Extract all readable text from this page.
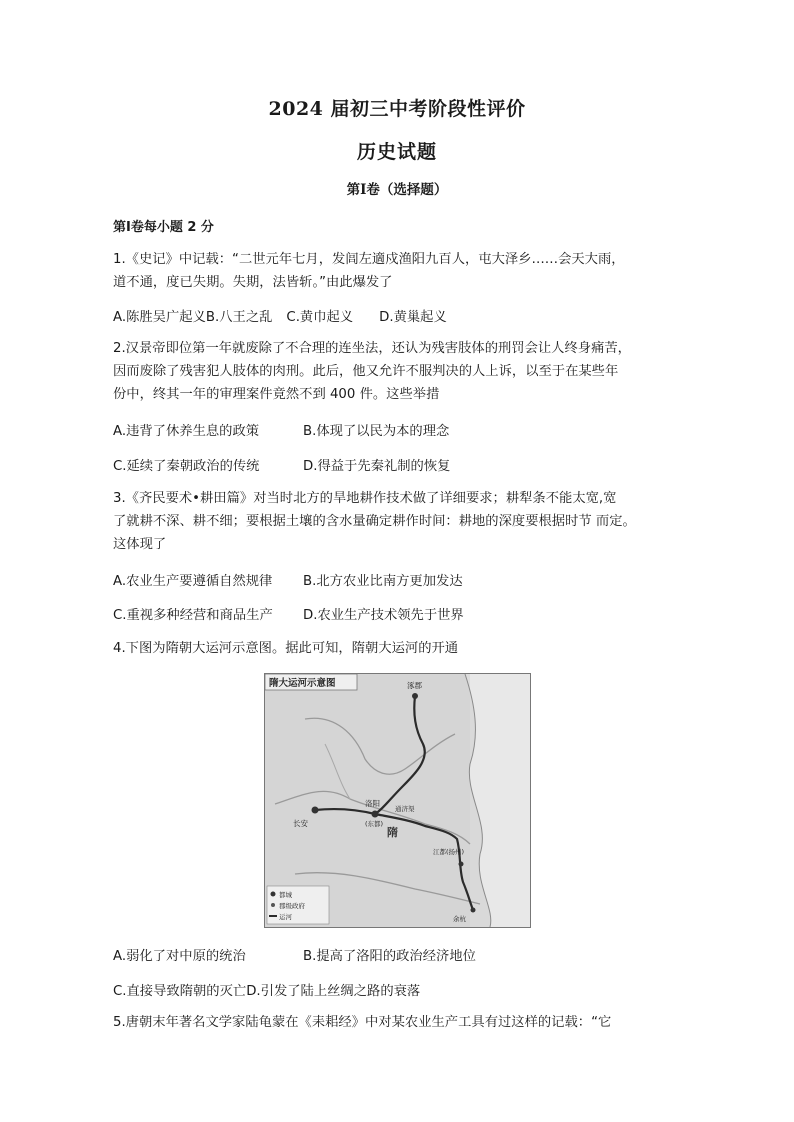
2024 届初三中考阶段性评价
历史试题
第Ⅰ卷（选择题）
第Ⅰ卷每小题 2 分
1.《史记》中记载：“二世元年七月，发闾左適戍渔阳九百人，屯大泽乡……会天大雨，
道不通，度已失期。失期，法皆斩。”由此爆发了
A.陈胜吴广起义B.八王之乱 C.黄巾起义 D.黄巢起义
2.汉景帝即位第一年就废除了不合理的连坐法，还认为残害肢体的刑罚会让人终身痛苦，
因而废除了残害犯人肢体的肉刑。此后，他又允许不服判决的人上诉，以至于在某些年
份中，终其一年的审理案件竟然不到 400 件。这些举措
A.违背了休养生息的政策	B.体现了以民为本的理念
C.延续了秦朝政治的传统	D.得益于先秦礼制的恢复
3.《齐民要术•耕田篇》对当时北方的旱地耕作技术做了详细要求；耕犁条不能太宽,宽
了就耕不深、耕不细；要根据土壤的含水量确定耕作时间：耕地的深度要根据时节 而定。
这体现了
A.农业生产要遵循自然规律 B.北方农业比南方更加发达
C.重视多种经营和商品生产 D.农业生产技术领先于世界
4.下图为隋朝大运河示意图。据此可知，隋朝大运河的开通
隋大运河示意图	涿郡
洛阳
(东都)
长安
隋
通济渠
江都(扬州)
余杭
都城
郡级政府
运河
A.弱化了对中原的统治	B.提高了洛阳的政治经济地位
C.直接导致隋朝的灭亡D.引发了陆上丝绸之路的衰落
5.唐朝末年著名文学家陆龟蒙在《耒耜经》中对某农业生产工具有过这样的记载：“它
